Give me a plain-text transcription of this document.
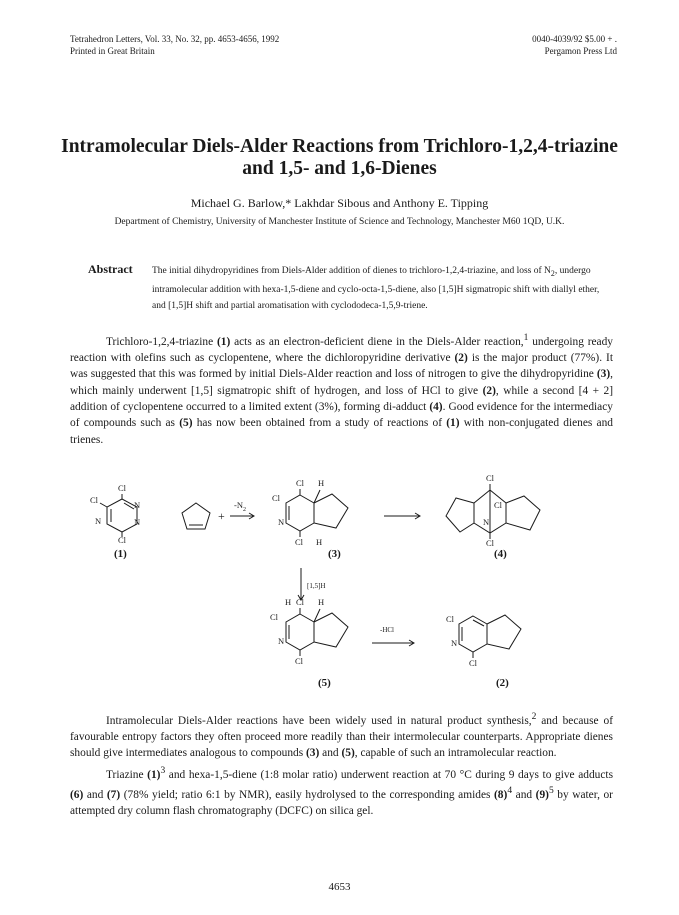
Tetrahedron Letters, Vol. 33, No. 32, pp. 4653-4656, 1992
Printed in Great Britain
0040-4039/92 $5.00 + .
Pergamon Press Ltd
Intramolecular Diels-Alder Reactions from Trichloro-1,2,4-triazine
and 1,5- and 1,6-Dienes
Michael G. Barlow,* Lakhdar Sibous and Anthony E. Tipping
Department of Chemistry, University of Manchester Institute of Science and Technology, Manchester M60 1QD, U.K.
Abstract The initial dihydropyridines from Diels-Alder addition of dienes to trichloro-1,2,4-triazine, and loss of $N_2$, undergo intramolecular addition with hexa-1,5-diene and cyclo-octa-1,5-diene, also [1,5]H sigmatropic shift with diallyl ether, and [1,5]H shift and partial aromatisation with cyclododeca-1,5,9-triene.

Trichloro-1,2,4-triazine (1) acts as an electron-deficient diene in the Diels-Alder reaction,$^1$ undergoing ready reaction with olefins such as cyclopentene, where the dichloropyridine derivative (2) is the major product (77%). It was suggested that this was formed by initial Diels-Alder reaction and loss of nitrogen to give the dihydropyridine (3), which mainly underwent [1,5] sigmatropic shift of hydrogen, and loss of HCl to give (2), while a second [4 + 2] addition of cyclopentene occurred to a limited extent (3%), forming di-adduct (4). Good evidence for the intermediacy of compounds such as (5) has now been obtained from a study of reactions of (1) with non-conjugated dienes and trienes.

Cl
Cl	N
N	N
Cl
+
$-N_2$
Cl H
Cl
N
Cl H
Cl
Cl
N
Cl
[1,5]H
H Cl H
Cl
N
Cl
-HCl
Cl
N
Cl
(1)	(3)	(4)
(5)	(2)

Intramolecular Diels-Alder reactions have been widely used in natural product synthesis,$^2$ and because of favourable entropy factors they often proceed more readily than their intermolecular counterparts. Appropriate dienes should give intermediates analogous to compounds (3) and (5), capable of such an intramolecular reaction.

Triazine $(1)^3$ and hexa-1,5-diene (1:8 molar ratio) underwent reaction at 70 °C during 9 days to give adducts (6) and (7) (78% yield; ratio 6:1 by NMR), easily hydrolysed to the corresponding amides $(8)^4$ and $(9)^5$ by water, or attempted dry column flash chromatography (DCFC) on silica gel.

4653
